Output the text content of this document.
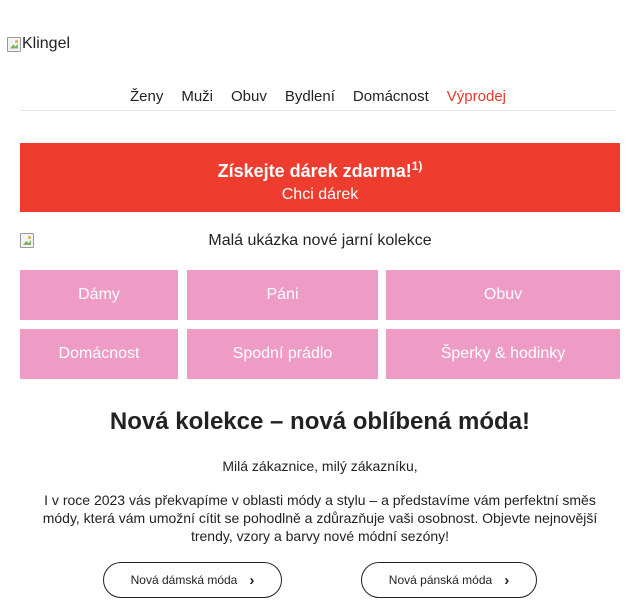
Klingel
Ženy Muži Obuv Bydlení Domácnost Výprodej
Získejte dárek zdarma!$^{1)}$
Chci dárek
Malá ukázka nové jarní kolekce
Dámy	Páni	Obuv
Domácnost	Spodní prádlo	Šperky & hodinky
Nová kolekce – nová oblíbená móda!
Milá zákaznice, milý zákazníku,
I v roce 2023 vás překvapíme v oblasti módy a stylu – a představíme vám perfektní směs módy, která vám umožní cítit se pohodlně a zdůrazňuje vaši osobnost. Objevte nejnovější trendy, vzory a barvy nové módní sezóny!
Nová dámská móda ›	Nová pánská móda ›
